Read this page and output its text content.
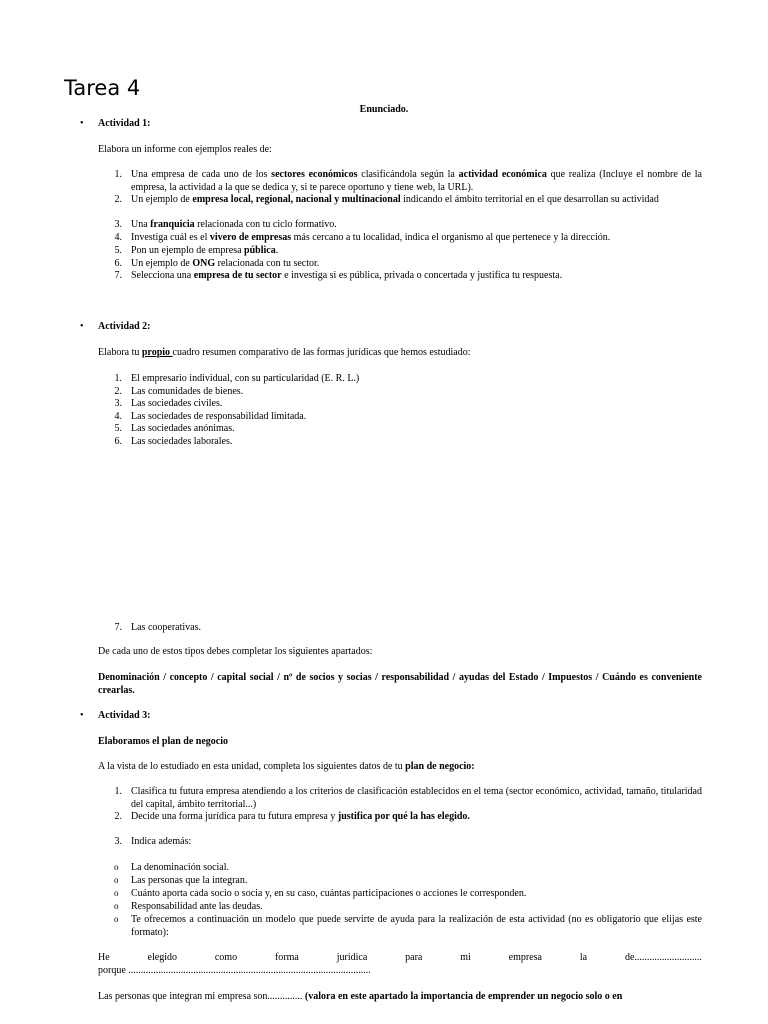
Tarea 4
Enunciado.
• Actividad 1:
Elabora un informe con ejemplos reales de:
1. Una empresa de cada uno de los sectores económicos clasificándola según la actividad económica que realiza (Incluye el nombre de la empresa, la actividad a la que se dedica y, si te parece oportuno y tiene web, la URL).
2. Un ejemplo de empresa local, regional, nacional y multinacional indicando el ámbito territorial en el que desarrollan su actividad
3. Una franquicia relacionada con tu ciclo formativo.
4. Investiga cuál es el vivero de empresas más cercano a tu localidad, indica el organismo al que pertenece y la dirección.
5. Pon un ejemplo de empresa pública.
6. Un ejemplo de ONG relacionada con tu sector.
7. Selecciona una empresa de tu sector e investiga si es pública, privada o concertada y justifica tu respuesta.
• Actividad 2:
Elabora tu propio cuadro resumen comparativo de las formas jurídicas que hemos estudiado:
1. El empresario individual, con su particularidad (E. R. L.)
2. Las comunidades de bienes.
3. Las sociedades civiles.
4. Las sociedades de responsabilidad limitada.
5. Las sociedades anónimas.
6. Las sociedades laborales.
7. Las cooperativas.
De cada uno de estos tipos debes completar los siguientes apartados:
Denominación / concepto / capital social / nº de socios y socias / responsabilidad / ayudas del Estado / Impuestos / Cuándo es conveniente crearlas.
• Actividad 3:
Elaboramos el plan de negocio
A la vista de lo estudiado en esta unidad, completa los siguientes datos de tu plan de negocio:
1. Clasifica tu futura empresa atendiendo a los criterios de clasificación establecidos en el tema (sector económico, actividad, tamaño, titularidad del capital, ámbito territorial...)
2. Decide una forma jurídica para tu futura empresa y justifica por qué la has elegido.
3. Indica además:
o La denominación social.
o Las personas que la integran.
o Cuánto aporta cada socio o socia y, en su caso, cuántas participaciones o acciones le corresponden.
o Responsabilidad ante las deudas.
o Te ofrecemos a continuación un modelo que puede servirte de ayuda para la realización de esta actividad (no es obligatorio que elijas este formato):
He	elegido	como	forma	jurídica	para	mi	empresa	la	de...........................
porque .................................................................................................
Las personas que integran mi empresa son.............. (valora en este apartado la importancia de emprender un negocio solo o en
